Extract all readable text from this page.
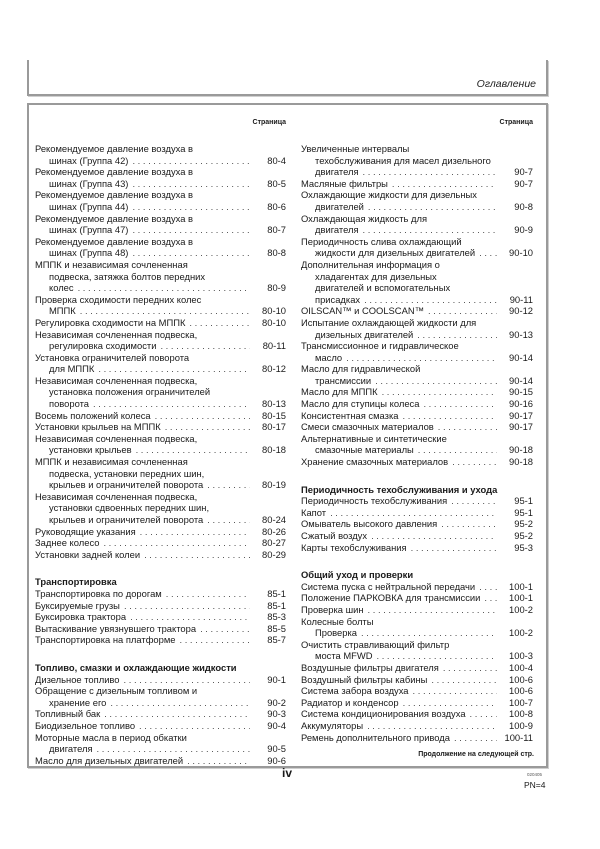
Оглавление
Страница
Рекомендуемое давление воздуха в
шинах (Группа 42) . . .	80-4
Рекомендуемое давление воздуха в
шинах (Группа 43) . . .	80-5
Рекомендуемое давление воздуха в
шинах (Группа 44) . . .	80-6
Рекомендуемое давление воздуха в
шинах (Группа 47) . . .	80-7
Рекомендуемое давление воздуха в
шинах (Группа 48) . . .	80-8
МППК и независимая сочлененная
подвеска, затяжка болтов передних
колес . . .	80-9
Проверка сходимости передних колес
МППК . . .	80-10
Регулировка сходимости на МППК . . .	80-10
Независимая сочлененная подвеска,
регулировка сходимости . . .	80-11
Установка ограничителей поворота
для МППК . . .	80-12
Независимая сочлененная подвеска,
установка положения ограничителей
поворота . . .	80-13
Восемь положений колеса . . .	80-15
Установки крыльев на МППК . . .	80-17
Независимая сочлененная подвеска,
установки крыльев . . .	80-18
МППК и независимая сочлененная
подвеска, установки передних шин,
крыльев и ограничителей поворота . . .	80-19
Независимая сочлененная подвеска,
установки сдвоенных передних шин,
крыльев и ограничителей поворота . . .	80-24
Руководящие указания . . .	80-26
Заднее колесо . . .	80-27
Установки задней колеи . . .	80-29
Транспортировка
Транспортировка по дорогам . . .	85-1
Буксируемые грузы . . .	85-1
Буксировка трактора . . .	85-3
Вытаскивание увязнувшего трактора . . .	85-5
Транспортировка на платформе . . .	85-7
Топливо, смазки и охлаждающие жидкости
Дизельное топливо . . .	90-1
Обращение с дизельным топливом и
хранение его . . .	90-2
Топливный бак . . .	90-3
Биодизельное топливо . . .	90-4
Моторные масла в период обкатки
двигателя . . .	90-5
Масло для дизельных двигателей . . .	90-6
Страница
Увеличенные интервалы
техобслуживания для масел дизельного
двигателя . . .	90-7
Масляные фильтры . . .	90-7
Охлаждающие жидкости для дизельных
двигателей . . .	90-8
Охлаждающая жидкость для
двигателя . . .	90-9
Периодичность слива охлаждающий
жидкости для дизельных двигателей . . .	90-10
Дополнительная информация о
хладагентах для дизельных
двигателей и вспомогательных
присадках . . .	90-11
OILSCAN™ и COOLSCAN™ . . .	90-12
Испытание охлаждающей жидкости для
дизельных двигателей . . .	90-13
Трансмиссионное и гидравлическое
масло . . .	90-14
Масло для гидравлической
трансмиссии . . .	90-14
Масло для МППК . . .	90-15
Масло для ступицы колеса . . .	90-16
Консистентная смазка . . .	90-17
Смеси смазочных материалов . . .	90-17
Альтернативные и синтетические
смазочные материалы . . .	90-18
Хранение смазочных материалов . . .	90-18
Периодичность техобслуживания и ухода
Периодичность техобслуживания . . .	95-1
Капот . . .	95-1
Омыватель высокого давления . . .	95-2
Сжатый воздух . . .	95-2
Карты техобслуживания . . .	95-3
Общий уход и проверки
Система пуска с нейтральной передачи . . .	100-1
Положение ПАРКОВКА для трансмиссии . . .	100-1
Проверка шин . . .	100-2
Колесные болты
Проверка . . .	100-2
Очистить стравливающий фильтр
моста MFWD . . .	100-3
Воздушные фильтры двигателя . . .	100-4
Воздушный фильтры кабины . . .	100-6
Система забора воздуха . . .	100-6
Радиатор и конденсор . . .	100-7
Система кондиционирования воздуха . . .	100-8
Аккумуляторы . . .	100-9
Ремень дополнительного привода . . .	100-11
Продолжение на следующей стр.
iv	020405
PN=4
